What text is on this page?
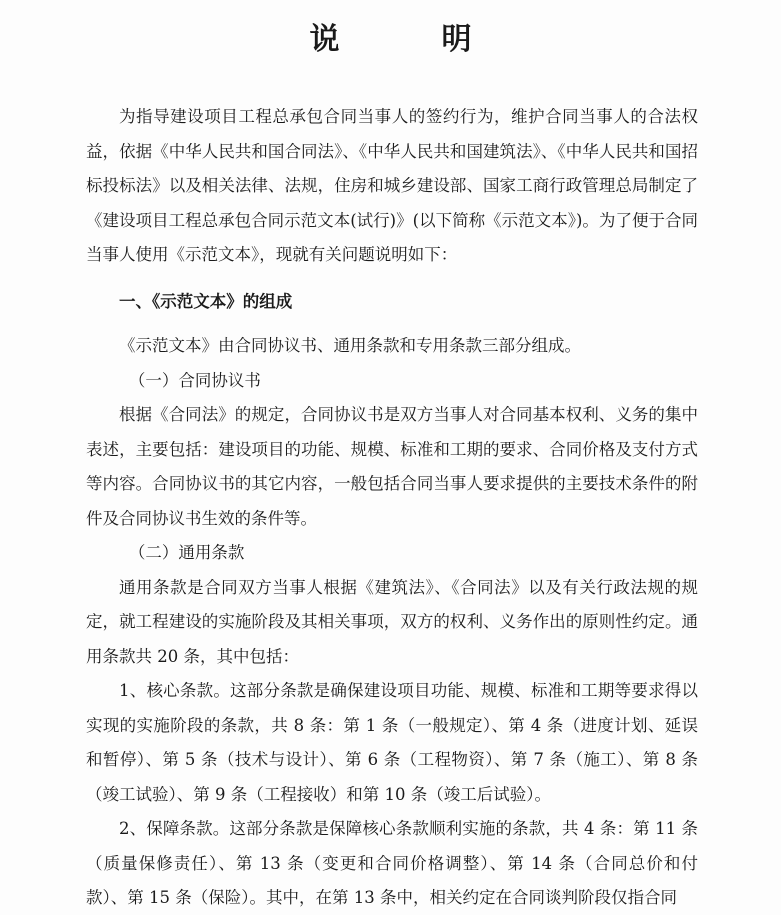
说　明

为指导建设项目工程总承包合同当事人的签约行为，维护合同当事人的合法权益，依据《中华人民共和国合同法》、《中华人民共和国建筑法》、《中华人民共和国招标投标法》以及相关法律、法规，住房和城乡建设部、国家工商行政管理总局制定了《建设项目工程总承包合同示范文本(试行)》(以下简称《示范文本》)。为了便于合同当事人使用《示范文本》，现就有关问题说明如下：

一、《示范文本》的组成

《示范文本》由合同协议书、通用条款和专用条款三部分组成。

（一）合同协议书

根据《合同法》的规定，合同协议书是双方当事人对合同基本权利、义务的集中表述，主要包括：建设项目的功能、规模、标准和工期的要求、合同价格及支付方式等内容。合同协议书的其它内容，一般包括合同当事人要求提供的主要技术条件的附件及合同协议书生效的条件等。

（二）通用条款

通用条款是合同双方当事人根据《建筑法》、《合同法》以及有关行政法规的规定，就工程建设的实施阶段及其相关事项，双方的权利、义务作出的原则性约定。通用条款共 20 条，其中包括：

1、核心条款。这部分条款是确保建设项目功能、规模、标准和工期等要求得以实现的实施阶段的条款，共 8 条：第 1 条（一般规定）、第 4 条（进度计划、延误和暂停）、第 5 条（技术与设计）、第 6 条（工程物资）、第 7 条（施工）、第 8 条（竣工试验）、第 9 条（工程接收）和第 10 条（竣工后试验）。

2、保障条款。这部分条款是保障核心条款顺利实施的条款，共 4 条：第 11 条（质量保修责任）、第 13 条（变更和合同价格调整）、第 14 条（合同总价和付款）、第 15 条（保险）。其中，在第 13 条中，相关约定在合同谈判阶段仅指合同
